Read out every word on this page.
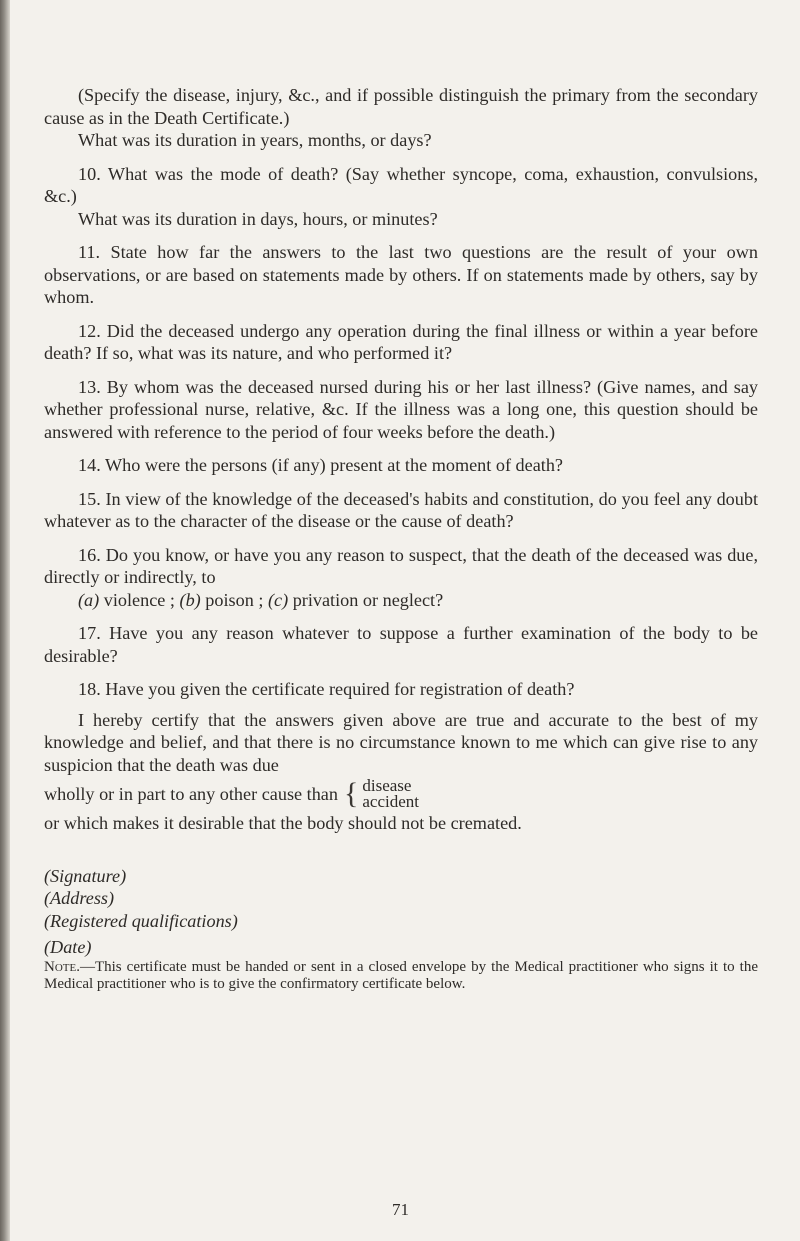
(Specify the disease, injury, &c., and if possible distinguish the primary from the secondary cause as in the Death Certificate.)

What was its duration in years, months, or days?

10. What was the mode of death? (Say whether syncope, coma, exhaustion, convulsions, &c.)

What was its duration in days, hours, or minutes?

11. State how far the answers to the last two questions are the result of your own observations, or are based on statements made by others. If on statements made by others, say by whom.

12. Did the deceased undergo any operation during the final illness or within a year before death? If so, what was its nature, and who performed it?

13. By whom was the deceased nursed during his or her last illness? (Give names, and say whether professional nurse, relative, &c. If the illness was a long one, this question should be answered with reference to the period of four weeks before the death.)

14. Who were the persons (if any) present at the moment of death?

15. In view of the knowledge of the deceased's habits and constitution, do you feel any doubt whatever as to the character of the disease or the cause of death?

16. Do you know, or have you any reason to suspect, that the death of the deceased was due, directly or indirectly, to

(a) violence ; (b) poison ; (c) privation or neglect?

17. Have you any reason whatever to suppose a further examination of the body to be desirable?

18. Have you given the certificate required for registration of death?

I hereby certify that the answers given above are true and accurate to the best of my knowledge and belief, and that there is no circumstance known to me which can give rise to any suspicion that the death was due

wholly or in part to any other cause than { disease
accident

or which makes it desirable that the body should not be cremated.

(Signature)

(Address)

(Registered qualifications)

(Date)

Note.—This certificate must be handed or sent in a closed envelope by the Medical practitioner who signs it to the Medical practitioner who is to give the confirmatory certificate below.

71
